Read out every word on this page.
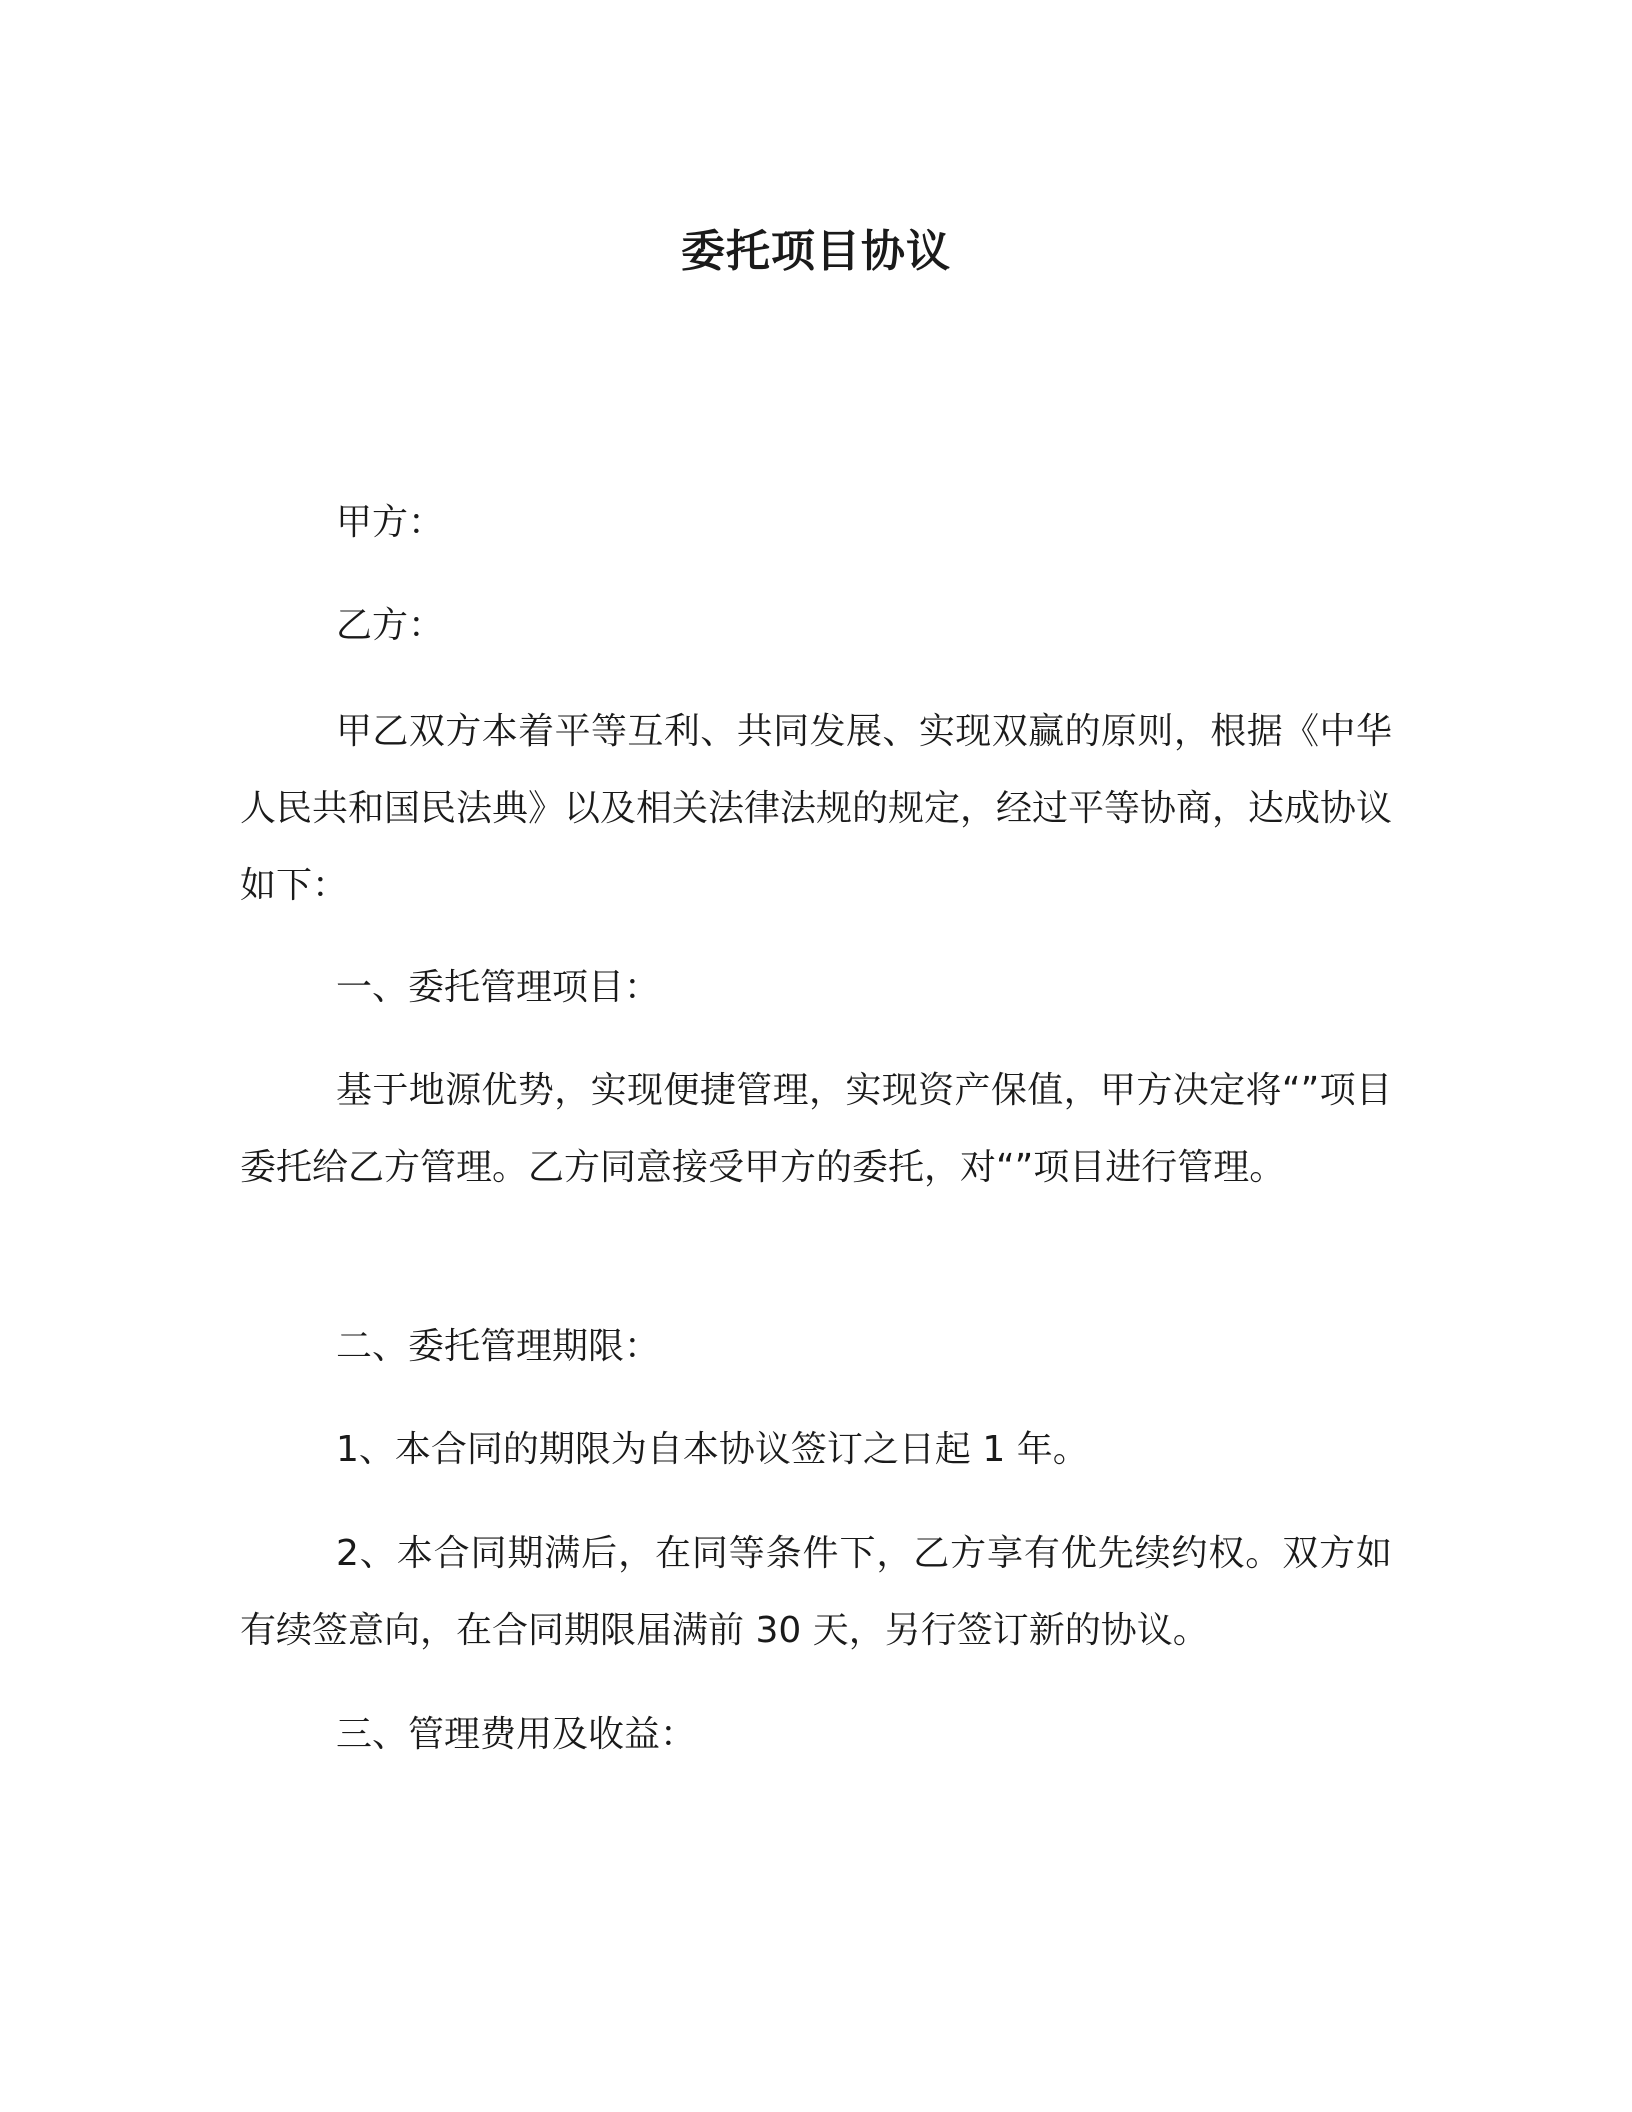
委托项目协议

甲方：

乙方：

甲乙双方本着平等互利、共同发展、实现双赢的原则，根据《中华人民共和国民法典》以及相关法律法规的规定，经过平等协商，达成协议如下：

一、委托管理项目：

基于地源优势，实现便捷管理，实现资产保值，甲方决定将“”项目委托给乙方管理。乙方同意接受甲方的委托，对“”项目进行管理。

二、委托管理期限：

1、本合同的期限为自本协议签订之日起 1 年。

2、本合同期满后，在同等条件下，乙方享有优先续约权。双方如有续签意向，在合同期限届满前 30 天，另行签订新的协议。

三、管理费用及收益：
